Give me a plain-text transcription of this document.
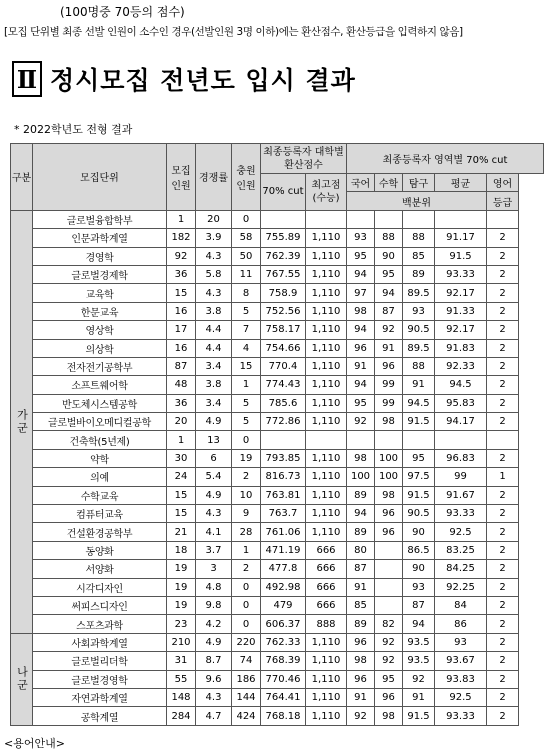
(100명중 70등의 점수)
[모집 단위별 최종 선발 인원이 소수인 경우(선발인원 3명 이하)에는 환산점수, 환산등급을 입력하지 않음]
Ⅱ 정시모집 전년도 입시 결과
* 2022학년도 전형 결과
구분	모집단위	모집인원	경쟁률	충원인원	최종등록자 대학별 환산점수		최종등록자 영역별 70% cut				
					70% cut	최고점 (수능)	국어	수학	탐구	평균	영어
							백분위				등급
가군	글로벌융합학부	1	20	0							
	인문과학계열	182	3.9	58	755.89	1,110	93	88	88	91.17	2
	경영학	92	4.3	50	762.39	1,110	95	90	85	91.5	2
	글로벌경제학	36	5.8	11	767.55	1,110	94	95	89	93.33	2
	교육학	15	4.3	8	758.9	1,110	97	94	89.5	92.17	2
	한문교육	16	3.8	5	752.56	1,110	98	87	93	91.33	2
	영상학	17	4.4	7	758.17	1,110	94	92	90.5	92.17	2
	의상학	16	4.4	4	754.66	1,110	96	91	89.5	91.83	2
	전자전기공학부	87	3.4	15	770.4	1,110	91	96	88	92.33	2
	소프트웨어학	48	3.8	1	774.43	1,110	94	99	91	94.5	2
	반도체시스템공학	36	3.4	5	785.6	1,110	95	99	94.5	95.83	2
	글로벌바이오메디컬공학	20	4.9	5	772.86	1,110	92	98	91.5	94.17	2
	건축학(5년제)	1	13	0							
	약학	30	6	19	793.85	1,110	98	100	95	96.83	2
	의예	24	5.4	2	816.73	1,110	100	100	97.5	99	1
	수학교육	15	4.9	10	763.81	1,110	89	98	91.5	91.67	2
	컴퓨터교육	15	4.3	9	763.7	1,110	94	96	90.5	93.33	2
	건설환경공학부	21	4.1	28	761.06	1,110	89	96	90	92.5	2
	동양화	18	3.7	1	471.19	666	80		86.5	83.25	2
	서양화	19	3	2	477.8	666	87		90	84.25	2
	시각디자인	19	4.8	0	492.98	666	91		93	92.25	2
	써피스디자인	19	9.8	0	479	666	85		87	84	2
	스포츠과학	23	4.2	0	606.37	888	89	82	94	86	2
나군	사회과학계열	210	4.9	220	762.33	1,110	96	92	93.5	93	2
	글로벌리더학	31	8.7	74	768.39	1,110	98	92	93.5	93.67	2
	글로벌경영학	55	9.6	186	770.46	1,110	96	95	92	93.83	2
	자연과학계열	148	4.3	144	764.41	1,110	91	96	91	92.5	2
	공학계열	284	4.7	424	768.18	1,110	92	98	91.5	93.33	2
<용어안내>
